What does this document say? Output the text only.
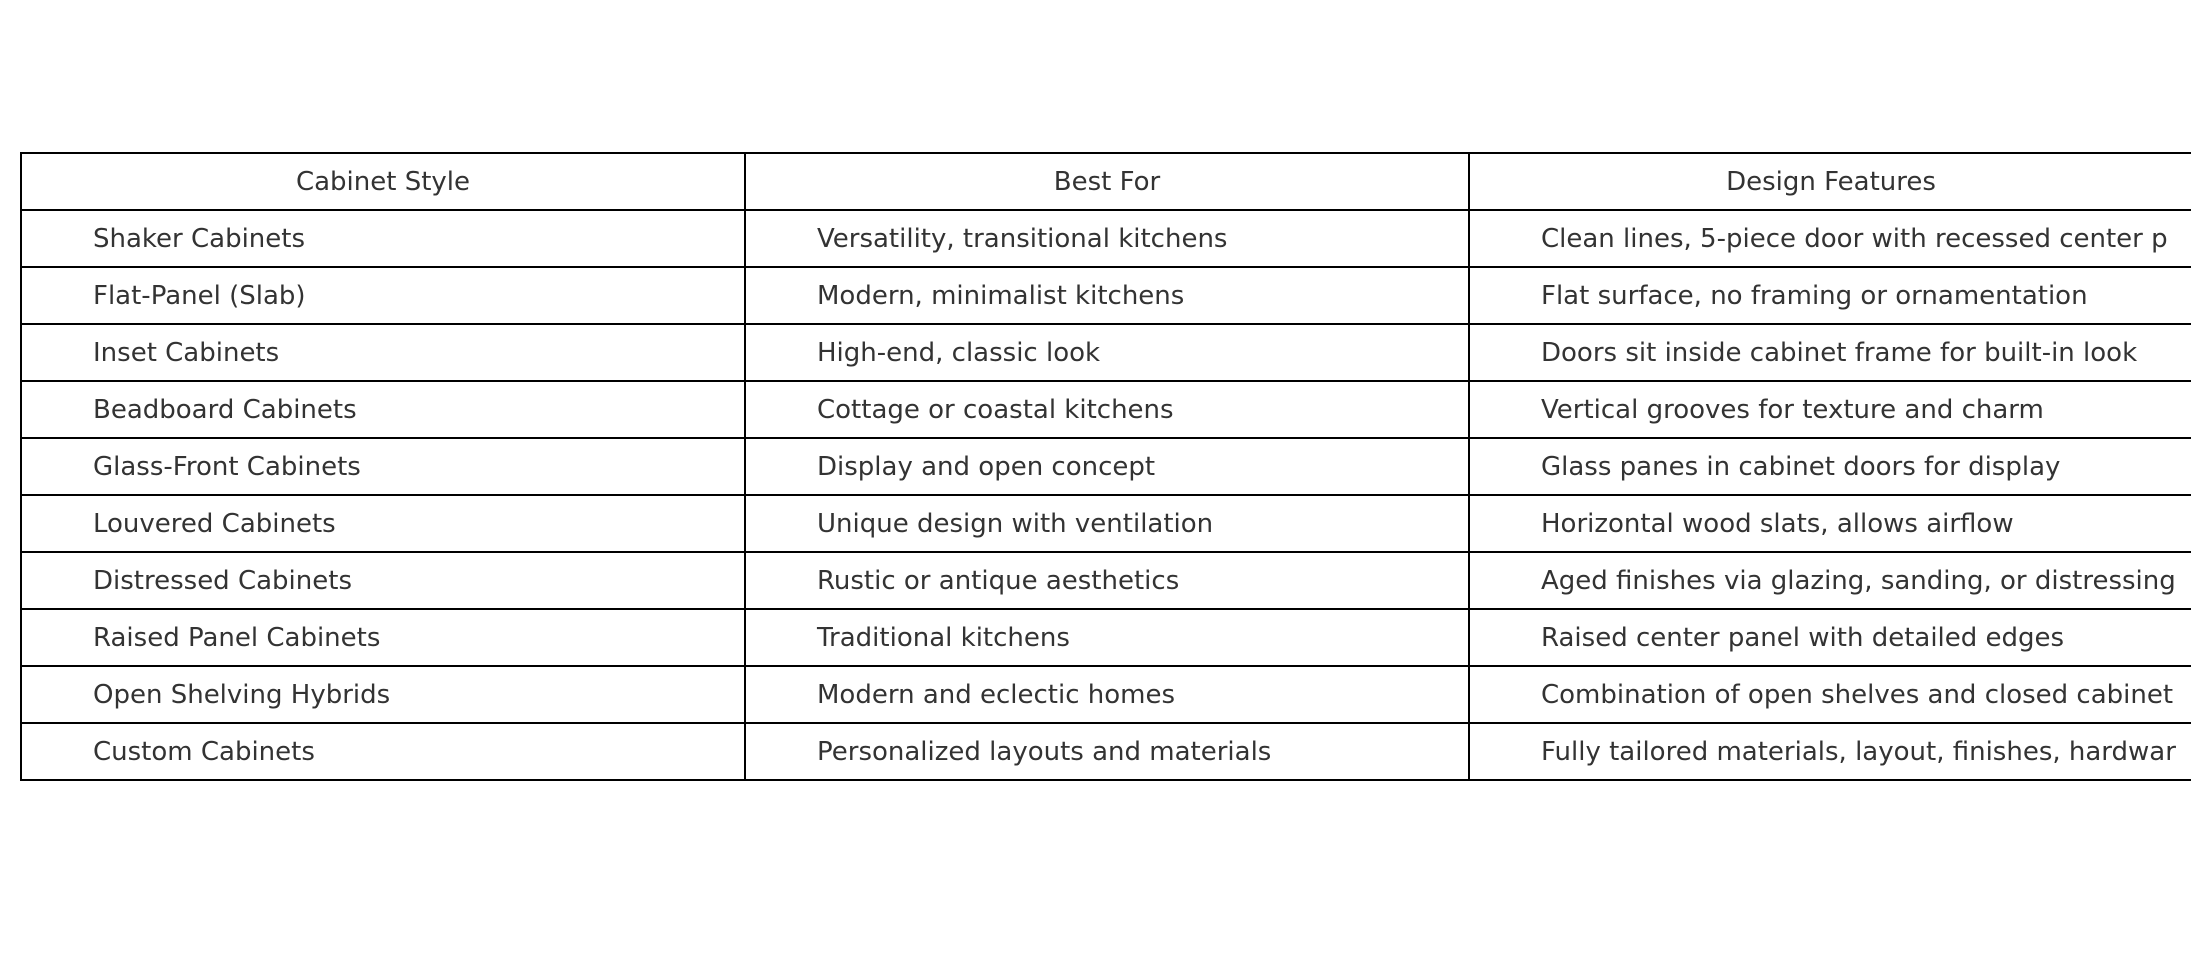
Cabinet Style	Best For	Design Features
Shaker Cabinets	Versatility, transitional kitchens	Clean lines, 5-piece door with recessed center p
Flat-Panel (Slab)	Modern, minimalist kitchens	Flat surface, no framing or ornamentation
Inset Cabinets	High-end, classic look	Doors sit inside cabinet frame for built-in look
Beadboard Cabinets	Cottage or coastal kitchens	Vertical grooves for texture and charm
Glass-Front Cabinets	Display and open concept	Glass panes in cabinet doors for display
Louvered Cabinets	Unique design with ventilation	Horizontal wood slats, allows airflow
Distressed Cabinets	Rustic or antique aesthetics	Aged finishes via glazing, sanding, or distressing
Raised Panel Cabinets	Traditional kitchens	Raised center panel with detailed edges
Open Shelving Hybrids	Modern and eclectic homes	Combination of open shelves and closed cabinet
Custom Cabinets	Personalized layouts and materials	Fully tailored materials, layout, finishes, hardwar
